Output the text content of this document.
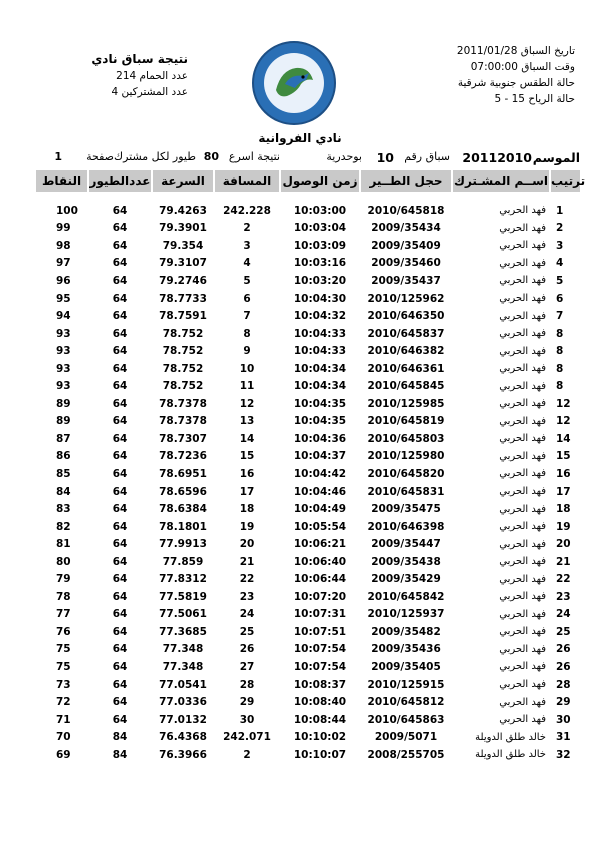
نتيجة سباق نادي
عدد الحمام 214
عدد المشتركين 4
تاريخ السباق 2011/01/28
وقت السباق 07:00:00
حالة الطقس جنوبية شرقية
حالة الرياح 15 - 5
نادي الفروانية
الموسم
20112010
سباق رقم
10
بوحدرية
نتيجة اسرع
80
طيور لكل مشترك
صفحة
1
النقاط	عددالطيور	السرعة	المسافة	زمن الوصول	حجل الطــير	اســم المشـترك	ترتيب

100	64	79.4263	242.228	10:03:00	2010/645818	فهد الحربي	1
99	64	79.3901	2	10:03:04	2009/35434	فهد الحربي	2
98	64	79.354	3	10:03:09	2009/35409	فهد الحربي	3
97	64	79.3107	4	10:03:16	2009/35460	فهد الحربي	4
96	64	79.2746	5	10:03:20	2009/35437	فهد الحربي	5
95	64	78.7733	6	10:04:30	2010/125962	فهد الحربي	6
94	64	78.7591	7	10:04:32	2010/646350	فهد الحربي	7
93	64	78.752	8	10:04:33	2010/645837	فهد الحربي	8
93	64	78.752	9	10:04:33	2010/646382	فهد الحربي	8
93	64	78.752	10	10:04:34	2010/646361	فهد الحربي	8
93	64	78.752	11	10:04:34	2010/645845	فهد الحربي	8
89	64	78.7378	12	10:04:35	2010/125985	فهد الحربي	12
89	64	78.7378	13	10:04:35	2010/645819	فهد الحربي	12
87	64	78.7307	14	10:04:36	2010/645803	فهد الحربي	14
86	64	78.7236	15	10:04:37	2010/125980	فهد الحربي	15
85	64	78.6951	16	10:04:42	2010/645820	فهد الحربي	16
84	64	78.6596	17	10:04:46	2010/645831	فهد الحربي	17
83	64	78.6384	18	10:04:49	2009/35475	فهد الحربي	18
82	64	78.1801	19	10:05:54	2010/646398	فهد الحربي	19
81	64	77.9913	20	10:06:21	2009/35447	فهد الحربي	20
80	64	77.859	21	10:06:40	2009/35438	فهد الحربي	21
79	64	77.8312	22	10:06:44	2009/35429	فهد الحربي	22
78	64	77.5819	23	10:07:20	2010/645842	فهد الحربي	23
77	64	77.5061	24	10:07:31	2010/125937	فهد الحربي	24
76	64	77.3685	25	10:07:51	2009/35482	فهد الحربي	25
75	64	77.348	26	10:07:54	2009/35436	فهد الحربي	26
75	64	77.348	27	10:07:54	2009/35405	فهد الحربي	26
73	64	77.0541	28	10:08:37	2010/125915	فهد الحربي	28
72	64	77.0336	29	10:08:40	2010/645812	فهد الحربي	29
71	64	77.0132	30	10:08:44	2010/645863	فهد الحربي	30
70	84	76.4368	242.071	10:10:02	2009/5071	خالد طلق الدويلة	31
69	84	76.3966	2	10:10:07	2008/255705	خالد طلق الدويلة	32
